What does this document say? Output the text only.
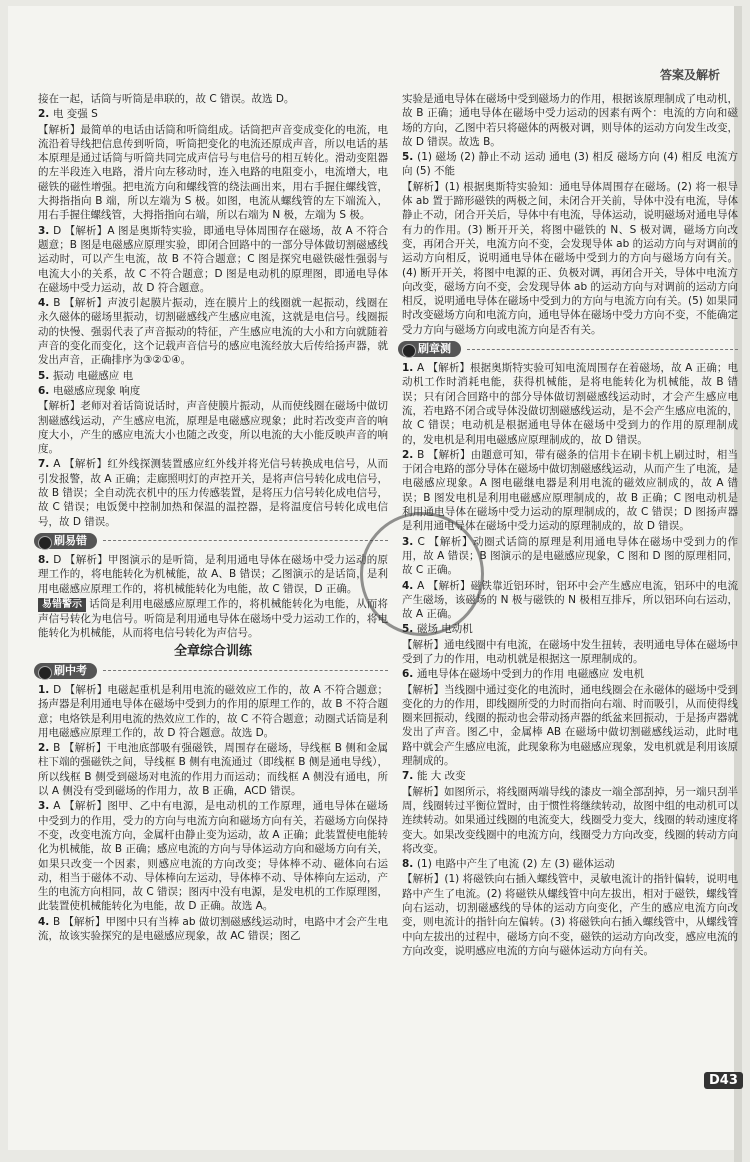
答案及解析
接在一起，话筒与听筒是串联的，故 C 错误。故选 D。
2. 电 变强 S
【解析】最简单的电话由话筒和听筒组成。话筒把声音变成变化的电流，电流沿着导线把信息传到听筒，听筒把变化的电流还原成声音，所以电话的基本原理是通过话筒与听筒共同完成声信号与电信号的相互转化。滑动变阻器的左半段连入电路，滑片向左移动时，连入电路的电阻变小，电流增大，电磁铁的磁性增强。把电流方向和螺线管的绕法画出来，用右手握住螺线管，大拇指指向 B 端，所以左端为 S 极。如图，电流从螺线管的左下端流入，用右手握住螺线管，大拇指指向右端，所以右端为 N 极，左端为 S 极。
3. D 【解析】A 图是奥斯特实验，即通电导体周围存在磁场，故 A 不符合题意；B 图是电磁感应原理实验，即闭合回路中的一部分导体做切割磁感线运动时，可以产生电流，故 B 不符合题意；C 图是探究电磁铁磁性强弱与电流大小的关系，故 C 不符合题意；D 图是电动机的原理图，即通电导体在磁场中受力运动，故 D 符合题意。
4. B 【解析】声波引起膜片振动，连在膜片上的线圈就一起振动，线圈在永久磁体的磁场里振动，切割磁感线产生感应电流，这就是电信号。线圈振动的快慢、强弱代表了声音振动的特征，产生感应电流的大小和方向就随着声音的变化而变化，这个记载声音信号的感应电流经放大后传给扬声器，就发出声音，正确排序为③②①④。
5. 振动 电磁感应 电
6. 电磁感应现象 响度
【解析】老师对着话筒说话时，声音使膜片振动，从而使线圈在磁场中做切割磁感线运动，产生感应电流，原理是电磁感应现象；此时若改变声音的响度大小，产生的感应电流大小也随之改变，所以电流的大小能反映声音的响度。
7. A 【解析】红外线探测装置感应红外线并将光信号转换成电信号，从而引发报警，故 A 正确；走廊照明灯的声控开关，是将声信号转化成电信号，故 B 错误；全自动洗衣机中的压力传感装置，是将压力信号转化成电信号，故 C 错误；电饭煲中控制加热和保温的温控器，是将温度信号转化成电信号，故 D 错误。
刷易错
8. D 【解析】甲图演示的是听筒，是利用通电导体在磁场中受力运动的原理工作的，将电能转化为机械能，故 A、B 错误；乙图演示的是话筒，是利用电磁感应原理工作的，将机械能转化为电能，故 C 错误，D 正确。
易错警示 话筒是利用电磁感应原理工作的，将机械能转化为电能，从而将声信号转化为电信号。听筒是利用通电导体在磁场中受力运动工作的，将电能转化为机械能，从而将电信号转化为声信号。
全章综合训练
刷中考
1. D 【解析】电磁起重机是利用电流的磁效应工作的，故 A 不符合题意；扬声器是利用通电导体在磁场中受到力的作用的原理工作的，故 B 不符合题意；电烙铁是利用电流的热效应工作的，故 C 不符合题意；动圈式话筒是利用电磁感应原理工作的，故 D 符合题意。故选 D。
2. B 【解析】干电池底部吸有强磁铁，周围存在磁场，导线框 B 侧和金属柱下端的强磁铁之间，导线框 B 侧有电流通过（即线框 B 侧是通电导线），所以线框 B 侧受到磁场对电流的作用力而运动；而线框 A 侧没有通电，所以 A 侧没有受到磁场的作用力，故 B 正确，ACD 错误。
3. A 【解析】图甲、乙中有电源，是电动机的工作原理，通电导体在磁场中受到力的作用，受力的方向与电流方向和磁场方向有关，若磁场方向保持不变，改变电流方向，金属杆由静止变为运动，故 A 正确；此装置使电能转化为机械能，故 B 正确；感应电流的方向与导体运动方向和磁场方向有关，如果只改变一个因素，则感应电流的方向改变；导体棒不动、磁体向右运动，相当于磁体不动、导体棒向左运动，导体棒不动、导体棒向左运动，产生的电流方向相同，故 C 错误；图丙中没有电源，是发电机的工作原理图，此装置使机械能转化为电能，故 D 正确。故选 A。
4. B 【解析】甲图中只有当棒 ab 做切割磁感线运动时，电路中才会产生电流，故该实验探究的是电磁感应现象，故 AC 错误；图乙
实验是通电导体在磁场中受到磁场力的作用，根据该原理制成了电动机，故 B 正确；通电导体在磁场中受力运动的因素有两个：电流的方向和磁场的方向，乙图中若只将磁体的两极对调，则导体的运动方向发生改变，故 D 错误。故选 B。
5. (1) 磁场 (2) 静止不动 运动 通电 (3) 相反 磁场方向 (4) 相反 电流方向 (5) 不能
【解析】(1) 根据奥斯特实验知：通电导体周围存在磁场。(2) 将一根导体 ab 置于蹄形磁铁的两极之间，未闭合开关前，导体中没有电流，导体静止不动，闭合开关后，导体中有电流，导体运动，说明磁场对通电导体有力的作用。(3) 断开开关，将图中磁铁的 N、S 极对调，磁场方向改变，再闭合开关，电流方向不变，会发现导体 ab 的运动方向与对调前的运动方向相反，说明通电导体在磁场中受到力的方向与磁场方向有关。(4) 断开开关，将图中电源的正、负极对调，再闭合开关，导体中电流方向改变，磁场方向不变，会发现导体 ab 的运动方向与对调前的运动方向相反，说明通电导体在磁场中受到力的方向与电流方向有关。(5) 如果同时改变磁场方向和电流方向，通电导体在磁场中受力方向不变，不能确定受力方向与磁场方向或电流方向是否有关。
刷章测
1. A 【解析】根据奥斯特实验可知电流周围存在着磁场，故 A 正确；电动机工作时消耗电能，获得机械能，是将电能转化为机械能，故 B 错误；只有闭合回路中的部分导体做切割磁感线运动时，才会产生感应电流，若电路不闭合或导体没做切割磁感线运动，是不会产生感应电流的，故 C 错误；电动机是根据通电导体在磁场中受到力的作用的原理制成的，发电机是利用电磁感应原理制成的，故 D 错误。
2. B 【解析】由题意可知，带有磁条的信用卡在刷卡机上刷过时，相当于闭合电路的部分导体在磁场中做切割磁感线运动，从而产生了电流，是电磁感应现象。A 图电磁继电器是利用电流的磁效应制成的，故 A 错误；B 图发电机是利用电磁感应原理制成的，故 B 正确；C 图电动机是利用通电导体在磁场中受力运动的原理制成的，故 C 错误；D 图扬声器是利用通电导体在磁场中受力运动的原理制成的，故 D 错误。
3. C 【解析】动圈式话筒的原理是利用通电导体在磁场中受到力的作用，故 A 错误；B 图演示的是电磁感应现象，C 图和 D 图的原理相同，故 C 正确。
4. A 【解析】磁铁靠近铝环时，铝环中会产生感应电流，铝环中的电流产生磁场，该磁场的 N 极与磁铁的 N 极相互排斥，所以铝环向右运动，故 A 正确。
5. 磁场 电动机
【解析】通电线圈中有电流，在磁场中发生扭转，表明通电导体在磁场中受到了力的作用，电动机就是根据这一原理制成的。
6. 通电导体在磁场中受到力的作用 电磁感应 发电机
【解析】当线圈中通过变化的电流时，通电线圈会在永磁体的磁场中受到变化的力的作用，即线圈所受的力时而指向右端、时而吸引，从而使得线圈来回振动，线圈的振动也会带动扬声器的纸盆来回振动，于是扬声器就发出了声音。图乙中，金属棒 AB 在磁场中做切割磁感线运动，此时电路中就会产生感应电流，此现象称为电磁感应现象，发电机就是利用该原理制成的。
7. 能 大 改变
【解析】如图所示，将线圈两端导线的漆皮一端全部刮掉，另一端只刮半周，线圈转过平衡位置时，由于惯性将继续转动，故图中组的电动机可以连续转动。如果通过线圈的电流变大，线圈受力变大，线圈的转动速度将变大。如果改变线圈中的电流方向，线圈受力方向改变，线圈的转动方向将改变。
8. (1) 电路中产生了电流 (2) 左 (3) 磁体运动
【解析】(1) 将磁铁向右插入螺线管中，灵敏电流计的指针偏转，说明电路中产生了电流。(2) 将磁铁从螺线管中向左拔出，相对于磁铁，螺线管向右运动，切割磁感线的导体的运动方向变化，产生的感应电流方向改变，则电流计的指针向左偏转。(3) 将磁铁向右插入螺线管中，从螺线管中向左拔出的过程中，磁场方向不变，磁铁的运动方向改变，感应电流的方向改变，说明感应电流的方向与磁体运动方向有关。
D43
